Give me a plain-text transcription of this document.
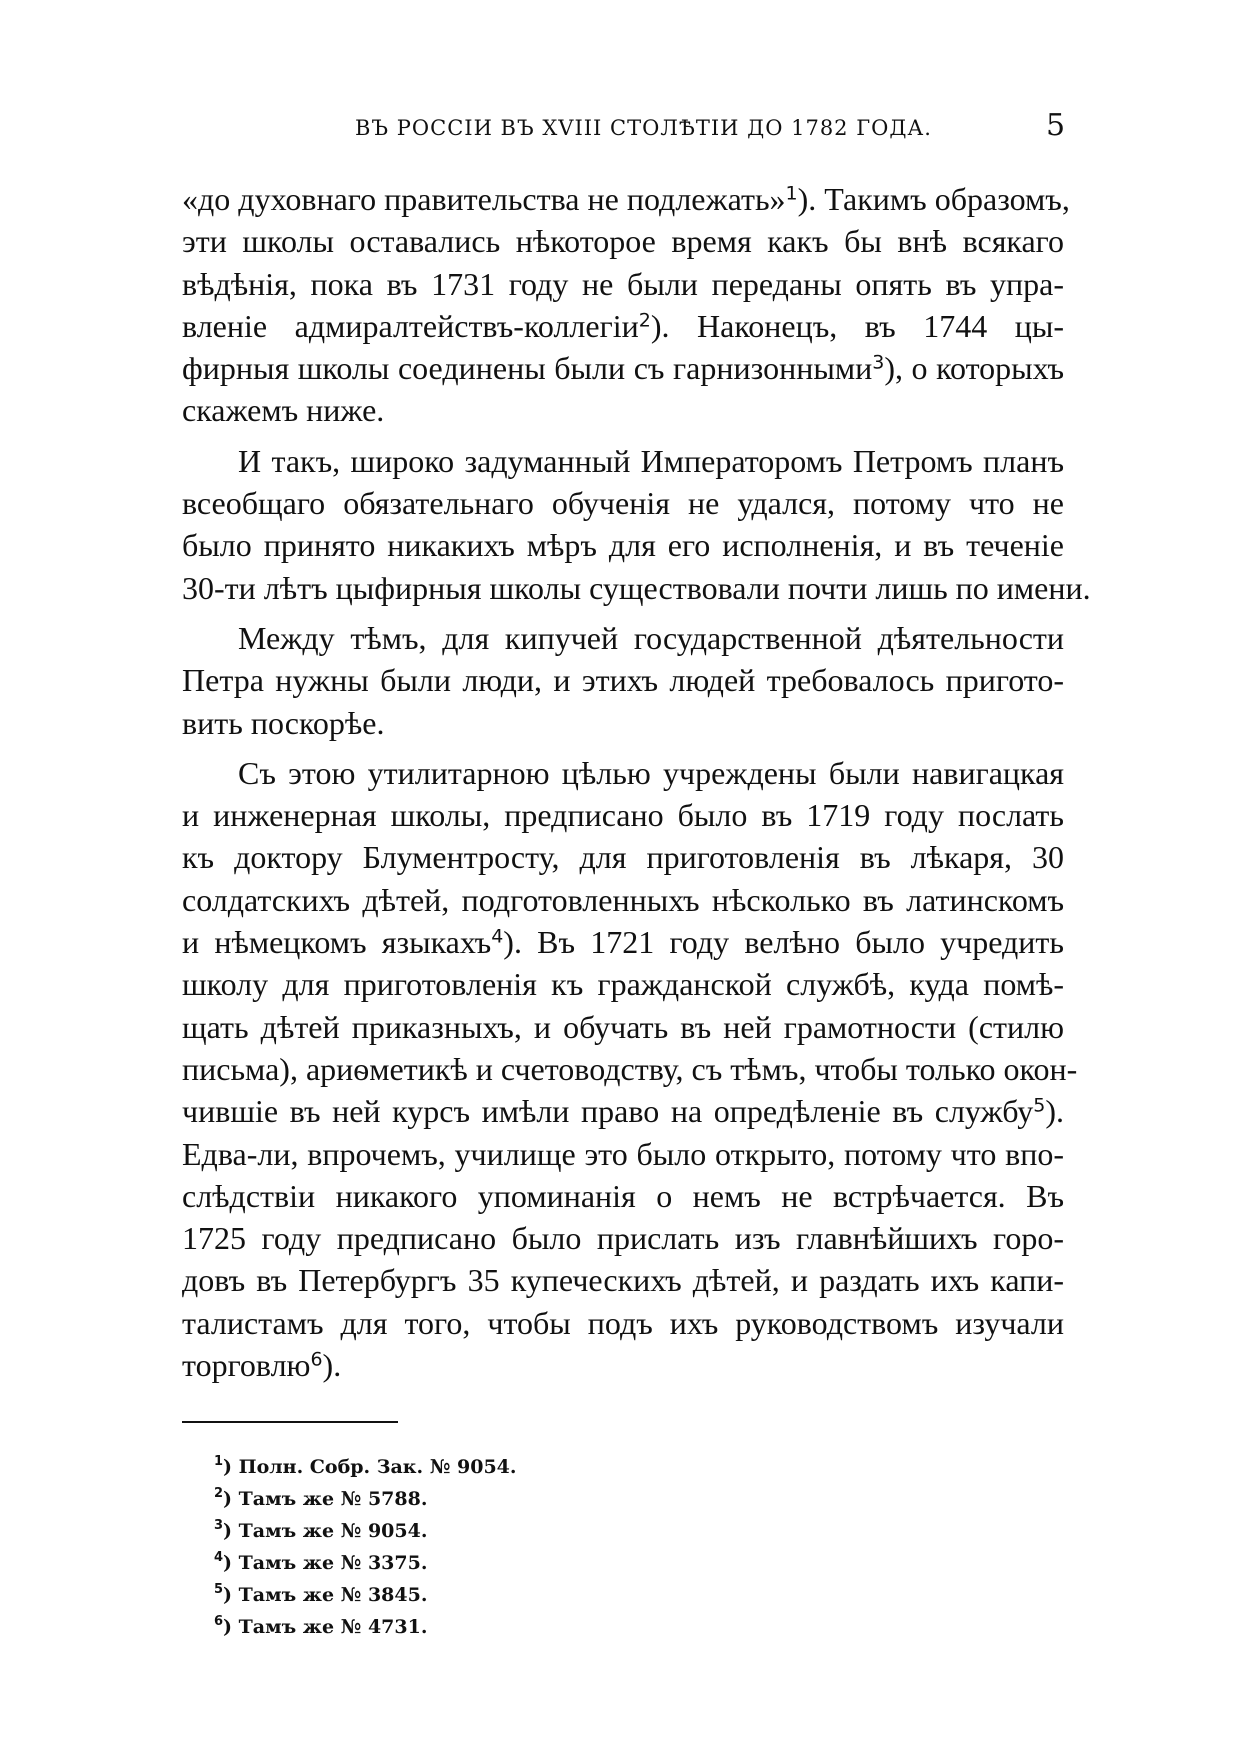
ВЪ РОССІИ ВЪ XVIII СТОЛѢТІИ ДО 1782 ГОДА.	5
«до духовнаго правительства не подлежать»$^1$). Такимъ образомъ,
эти школы оставались нѣкоторое время какъ бы внѣ всякаго
вѣдѣнія, пока въ 1731 году не были переданы опять въ упра-
вленіе адмиралтействъ-коллегіи$^2$). Наконецъ, въ 1744 цы-
фирныя школы соединены были съ гарнизонными$^3$), о которыхъ
скажемъ ниже.
И такъ, широко задуманный Императоромъ Петромъ планъ
всеобщаго обязательнаго обученія не удался, потому что не
было принято никакихъ мѣръ для его исполненія, и въ теченіе
30-ти лѣтъ цыфирныя школы существовали почти лишь по имени.
Между тѣмъ, для кипучей государственной дѣятельности
Петра нужны были люди, и этихъ людей требовалось пригото-
вить поскорѣе.
Съ этою утилитарною цѣлью учреждены были навигацкая
и инженерная школы, предписано было въ 1719 году послать
къ доктору Блументросту, для приготовленія въ лѣкаря, 30
солдатскихъ дѣтей, подготовленныхъ нѣсколько въ латинскомъ
и нѣмецкомъ языкахъ$^4$). Въ 1721 году велѣно было учредить
школу для приготовленія къ гражданской службѣ, куда помѣ-
щать дѣтей приказныхъ, и обучать въ ней грамотности (стилю
письма), ариѳметикѣ и счетоводству, съ тѣмъ, чтобы только окон-
чившіе въ ней курсъ имѣли право на опредѣленіе въ службу$^5$).
Едва-ли, впрочемъ, училище это было открыто, потому что впо-
слѣдствіи никакого упоминанія о немъ не встрѣчается. Въ
1725 году предписано было прислать изъ главнѣйшихъ горо-
довъ въ Петербургъ 35 купеческихъ дѣтей, и раздать ихъ капи-
талистамъ для того, чтобы подъ ихъ руководствомъ изучали
торговлю$^6$).
$^1$) Полн. Собр. Зак. № 9054.
$^2$) Тамъ же № 5788.
$^3$) Тамъ же № 9054.
$^4$) Тамъ же № 3375.
$^5$) Тамъ же № 3845.
$^6$) Тамъ же № 4731.
